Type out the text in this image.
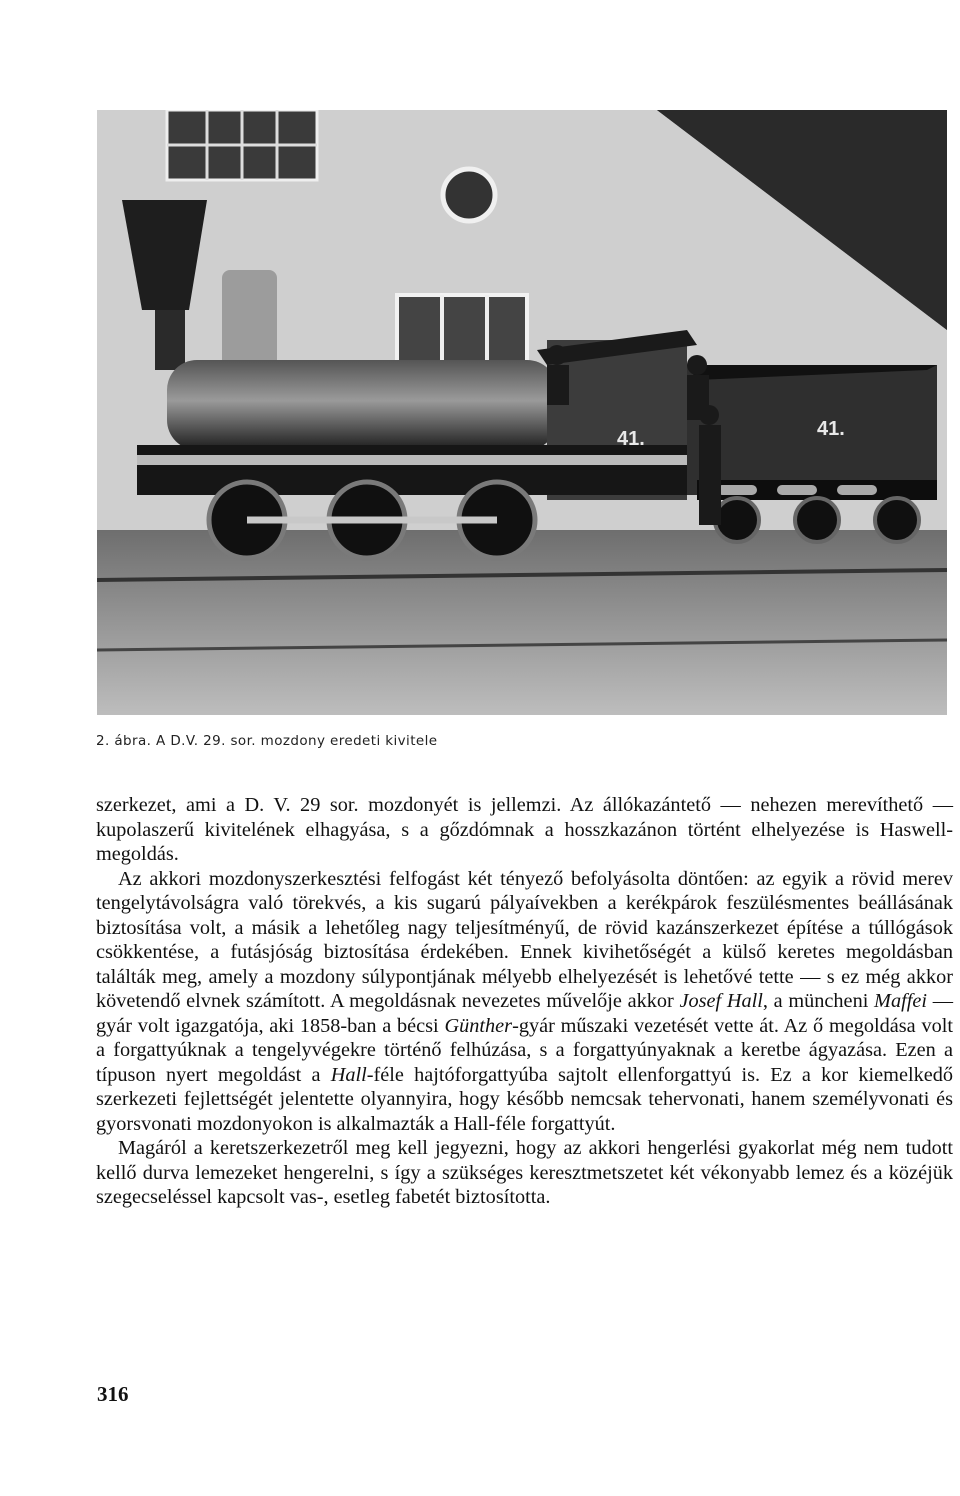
41.	41.
2. ábra. A D.V. 29. sor. mozdony eredeti kivitele

szerkezet, ami a D. V. 29 sor. mozdonyét is jellemzi. Az állókazántető — nehezen merevíthető — kupolaszerű kivitelének elhagyása, s a gőzdómnak a hosszkazánon történt elhelyezése is Haswell-megoldás.

Az akkori mozdonyszerkesztési felfogást két tényező befolyásolta döntően: az egyik a rövid merev tengelytávolságra való törekvés, a kis sugarú pályaívekben a kerékpárok feszülésmentes beállásának biztosítása volt, a másik a lehetőleg nagy teljesítményű, de rövid kazánszerkezet építése a túllógások csökkentése, a futásjóság biztosítása érdekében. Ennek kivihetőségét a külső keretes megoldásban találták meg, amely a mozdony súlypontjának mélyebb elhelyezését is lehetővé tette — s ez még akkor követendő elvnek számított. A megoldásnak nevezetes művelője akkor Josef Hall, a müncheni Maffei — gyár volt igazgatója, aki 1858-ban a bécsi Günther-gyár műszaki vezetését vette át. Az ő megoldása volt a forgattyúknak a tengelyvégekre történő felhúzása, s a forgattyúnyaknak a keretbe ágyazása. Ezen a típuson nyert megoldást a Hall-féle hajtóforgattyúba sajtolt ellenforgattyú is. Ez a kor kiemelkedő szerkezeti fejlettségét jelentette olyannyira, hogy később nemcsak tehervonati, hanem személyvonati és gyorsvonati mozdonyokon is alkalmazták a Hall-féle forgattyút.

Magáról a keretszerkezetről meg kell jegyezni, hogy az akkori hengerlési gyakorlat még nem tudott kellő durva lemezeket hengerelni, s így a szükséges keresztmetszetet két vékonyabb lemez és a közéjük szegecseléssel kapcsolt vas-, esetleg fabetét biztosította.

316
